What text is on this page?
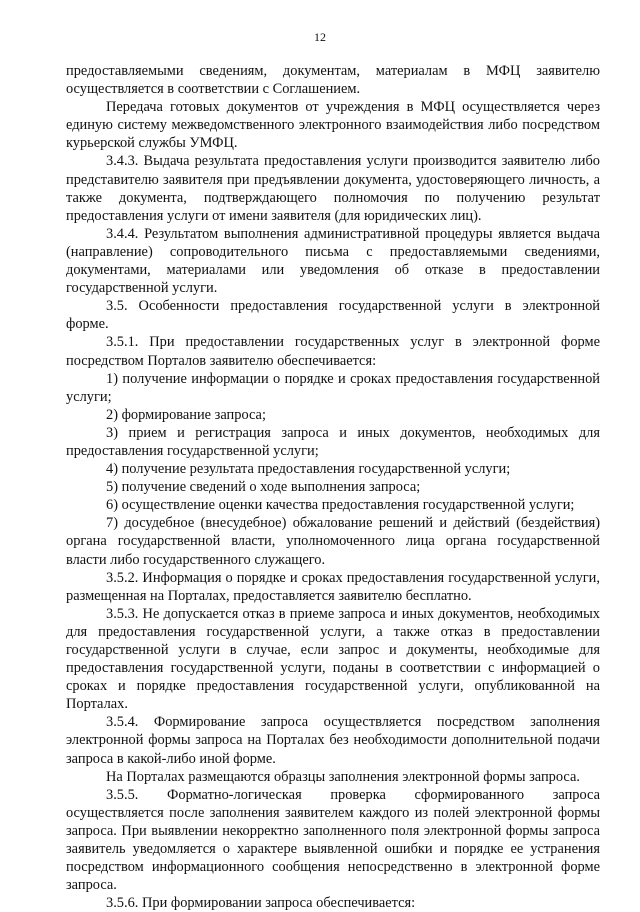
12

предоставляемыми сведениям, документам, материалам в МФЦ заявителю осуществляется в соответствии с Соглашением.

Передача готовых документов от учреждения в МФЦ осуществляется через единую систему межведомственного электронного взаимодействия либо посредством курьерской службы УМФЦ.

3.4.3. Выдача результата предоставления услуги производится заявителю либо представителю заявителя при предъявлении документа, удостоверяющего личность, а также документа, подтверждающего полномочия по получению результат предоставления услуги от имени заявителя (для юридических лиц).

3.4.4. Результатом выполнения административной процедуры является выдача (направление) сопроводительного письма с предоставляемыми сведениями, документами, материалами или уведомления об отказе в предоставлении государственной услуги.

3.5. Особенности предоставления государственной услуги в электронной форме.

3.5.1. При предоставлении государственных услуг в электронной форме посредством Порталов заявителю обеспечивается:

1) получение информации о порядке и сроках предоставления государственной услуги;

2) формирование запроса;

3) прием и регистрация запроса и иных документов, необходимых для предоставления государственной услуги;

4) получение результата предоставления государственной услуги;

5) получение сведений о ходе выполнения запроса;

6) осуществление оценки качества предоставления государственной услуги;

7) досудебное (внесудебное) обжалование решений и действий (бездействия) органа государственной власти, уполномоченного лица органа государственной власти либо государственного служащего.

3.5.2. Информация о порядке и сроках предоставления государственной услуги, размещенная на Порталах, предоставляется заявителю бесплатно.

3.5.3. Не допускается отказ в приеме запроса и иных документов, необходимых для предоставления государственной услуги, а также отказ в предоставлении государственной услуги в случае, если запрос и документы, необходимые для предоставления государственной услуги, поданы в соответствии с информацией о сроках и порядке предоставления государственной услуги, опубликованной на Порталах.

3.5.4. Формирование запроса осуществляется посредством заполнения электронной формы запроса на Порталах без необходимости дополнительной подачи запроса в какой-либо иной форме.

На Порталах размещаются образцы заполнения электронной формы запроса.

3.5.5. Форматно-логическая проверка сформированного запроса осуществляется после заполнения заявителем каждого из полей электронной формы запроса. При выявлении некорректно заполненного поля электронной формы запроса заявитель уведомляется о характере выявленной ошибки и порядке ее устранения посредством информационного сообщения непосредственно в электронной форме запроса.

3.5.6. При формировании запроса обеспечивается:
